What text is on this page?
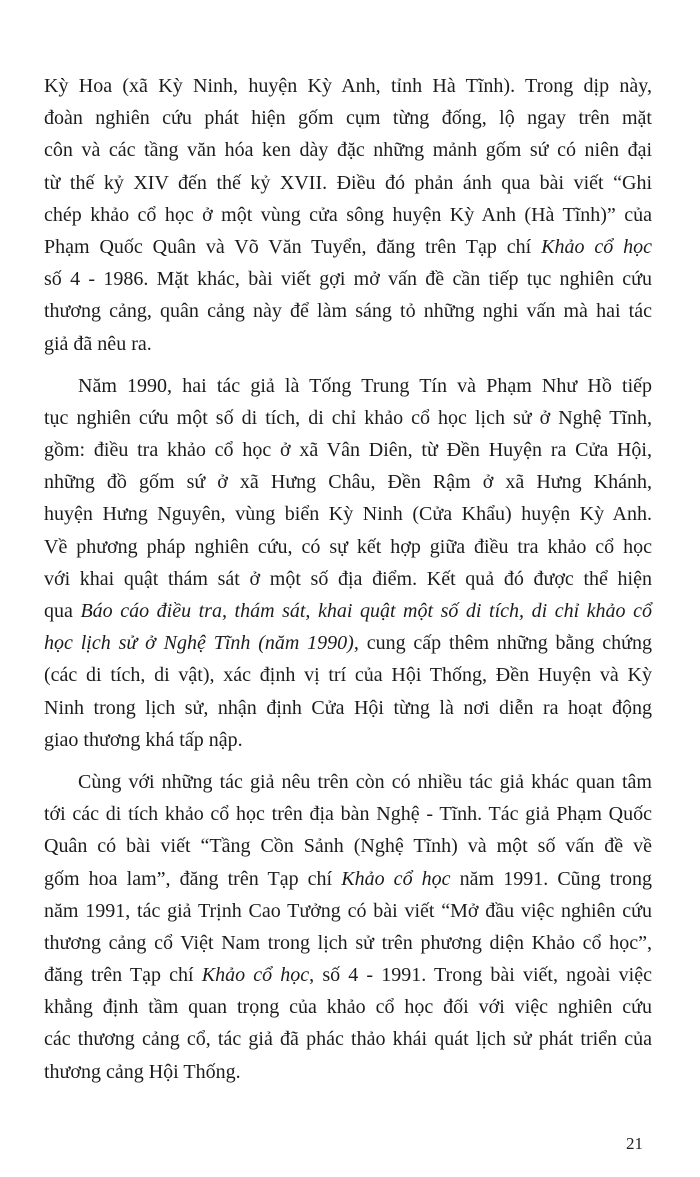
Kỳ Hoa (xã Kỳ Ninh, huyện Kỳ Anh, tỉnh Hà Tĩnh). Trong dịp này,
đoàn nghiên cứu phát hiện gốm cụm từng đống, lộ ngay trên mặt
côn và các tầng văn hóa ken dày đặc những mảnh gốm sứ có niên đại
từ thế kỷ XIV đến thế kỷ XVII. Điều đó phản ánh qua bài viết “Ghi
chép khảo cổ học ở một vùng cửa sông huyện Kỳ Anh (Hà Tĩnh)” của
Phạm Quốc Quân và Võ Văn Tuyển, đăng trên Tạp chí Khảo cổ học
số 4 - 1986. Mặt khác, bài viết gợi mở vấn đề cần tiếp tục nghiên cứu
thương cảng, quân cảng này để làm sáng tỏ những nghi vấn mà hai tác
giả đã nêu ra.
Năm 1990, hai tác giả là Tống Trung Tín và Phạm Như Hồ tiếp
tục nghiên cứu một số di tích, di chỉ khảo cổ học lịch sử ở Nghệ Tĩnh,
gồm: điều tra khảo cổ học ở xã Vân Diên, từ Đền Huyện ra Cửa Hội,
những đồ gốm sứ ở xã Hưng Châu, Đền Rậm ở xã Hưng Khánh,
huyện Hưng Nguyên, vùng biển Kỳ Ninh (Cửa Khẩu) huyện Kỳ Anh.
Về phương pháp nghiên cứu, có sự kết hợp giữa điều tra khảo cổ học
với khai quật thám sát ở một số địa điểm. Kết quả đó được thể hiện
qua Báo cáo điều tra, thám sát, khai quật một số di tích, di chỉ khảo cổ
học lịch sử ở Nghệ Tĩnh (năm 1990), cung cấp thêm những bằng chứng
(các di tích, di vật), xác định vị trí của Hội Thống, Đền Huyện và Kỳ
Ninh trong lịch sử, nhận định Cửa Hội từng là nơi diễn ra hoạt động
giao thương khá tấp nập.
Cùng với những tác giả nêu trên còn có nhiều tác giả khác quan tâm
tới các di tích khảo cổ học trên địa bàn Nghệ - Tĩnh. Tác giả Phạm Quốc
Quân có bài viết “Tầng Cồn Sảnh (Nghệ Tĩnh) và một số vấn đề về
gốm hoa lam”, đăng trên Tạp chí Khảo cổ học năm 1991. Cũng trong
năm 1991, tác giả Trịnh Cao Tưởng có bài viết “Mở đầu việc nghiên cứu
thương cảng cổ Việt Nam trong lịch sử trên phương diện Khảo cổ học”,
đăng trên Tạp chí Khảo cổ học, số 4 - 1991. Trong bài viết, ngoài việc
khẳng định tầm quan trọng của khảo cổ học đối với việc nghiên cứu
các thương cảng cổ, tác giả đã phác thảo khái quát lịch sử phát triển của
thương cảng Hội Thống.
21
